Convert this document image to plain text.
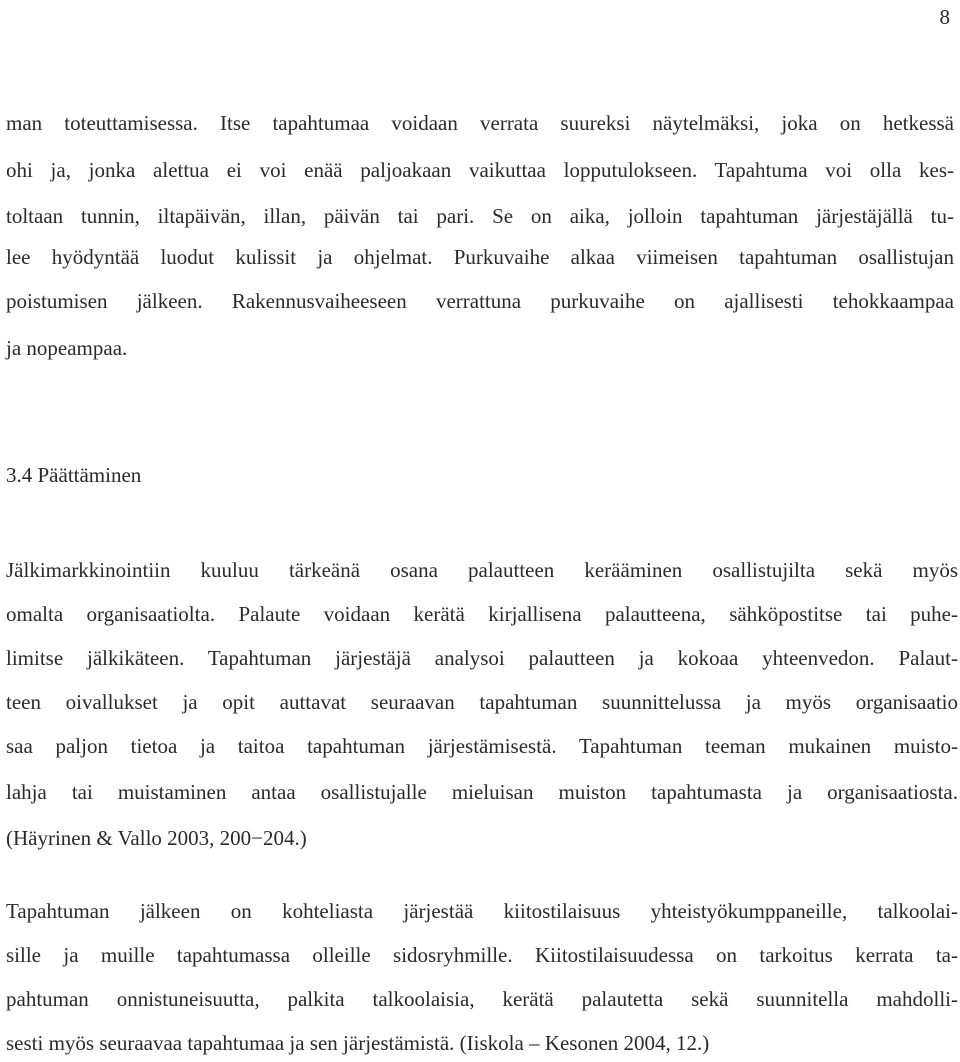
8
man toteuttamisessa. Itse tapahtumaa voidaan verrata suureksi näytelmäksi, joka on hetkessä
ohi ja, jonka alettua ei voi enää paljoakaan vaikuttaa lopputulokseen. Tapahtuma voi olla kes-
toltaan tunnin, iltapäivän, illan, päivän tai pari. Se on aika, jolloin tapahtuman järjestäjällä tu-
lee hyödyntää luodut kulissit ja ohjelmat. Purkuvaihe alkaa viimeisen tapahtuman osallistujan
poistumisen jälkeen. Rakennusvaiheeseen verrattuna purkuvaihe on ajallisesti tehokkaampaa
ja nopeampaa.
3.4 Päättäminen
Jälkimarkkinointiin kuuluu tärkeänä osana palautteen kerääminen osallistujilta sekä myös
omalta organisaatiolta. Palaute voidaan kerätä kirjallisena palautteena, sähköpostitse tai puhe-
limitse jälkikäteen. Tapahtuman järjestäjä analysoi palautteen ja kokoaa yhteenvedon. Palaut-
teen oivallukset ja opit auttavat seuraavan tapahtuman suunnittelussa ja myös organisaatio
saa paljon tietoa ja taitoa tapahtuman järjestämisestä. Tapahtuman teeman mukainen muisto-
lahja tai muistaminen antaa osallistujalle mieluisan muiston tapahtumasta ja organisaatiosta.
(Häyrinen & Vallo 2003, 200−204.)
Tapahtuman jälkeen on kohteliasta järjestää kiitostilaisuus yhteistyökumppaneille, talkoolai-
sille ja muille tapahtumassa olleille sidosryhmille. Kiitostilaisuudessa on tarkoitus kerrata ta-
pahtuman onnistuneisuutta, palkita talkoolaisia, kerätä palautetta sekä suunnitella mahdolli-
sesti myös seuraavaa tapahtumaa ja sen järjestämistä. (Iiskola – Kesonen 2004, 12.)
